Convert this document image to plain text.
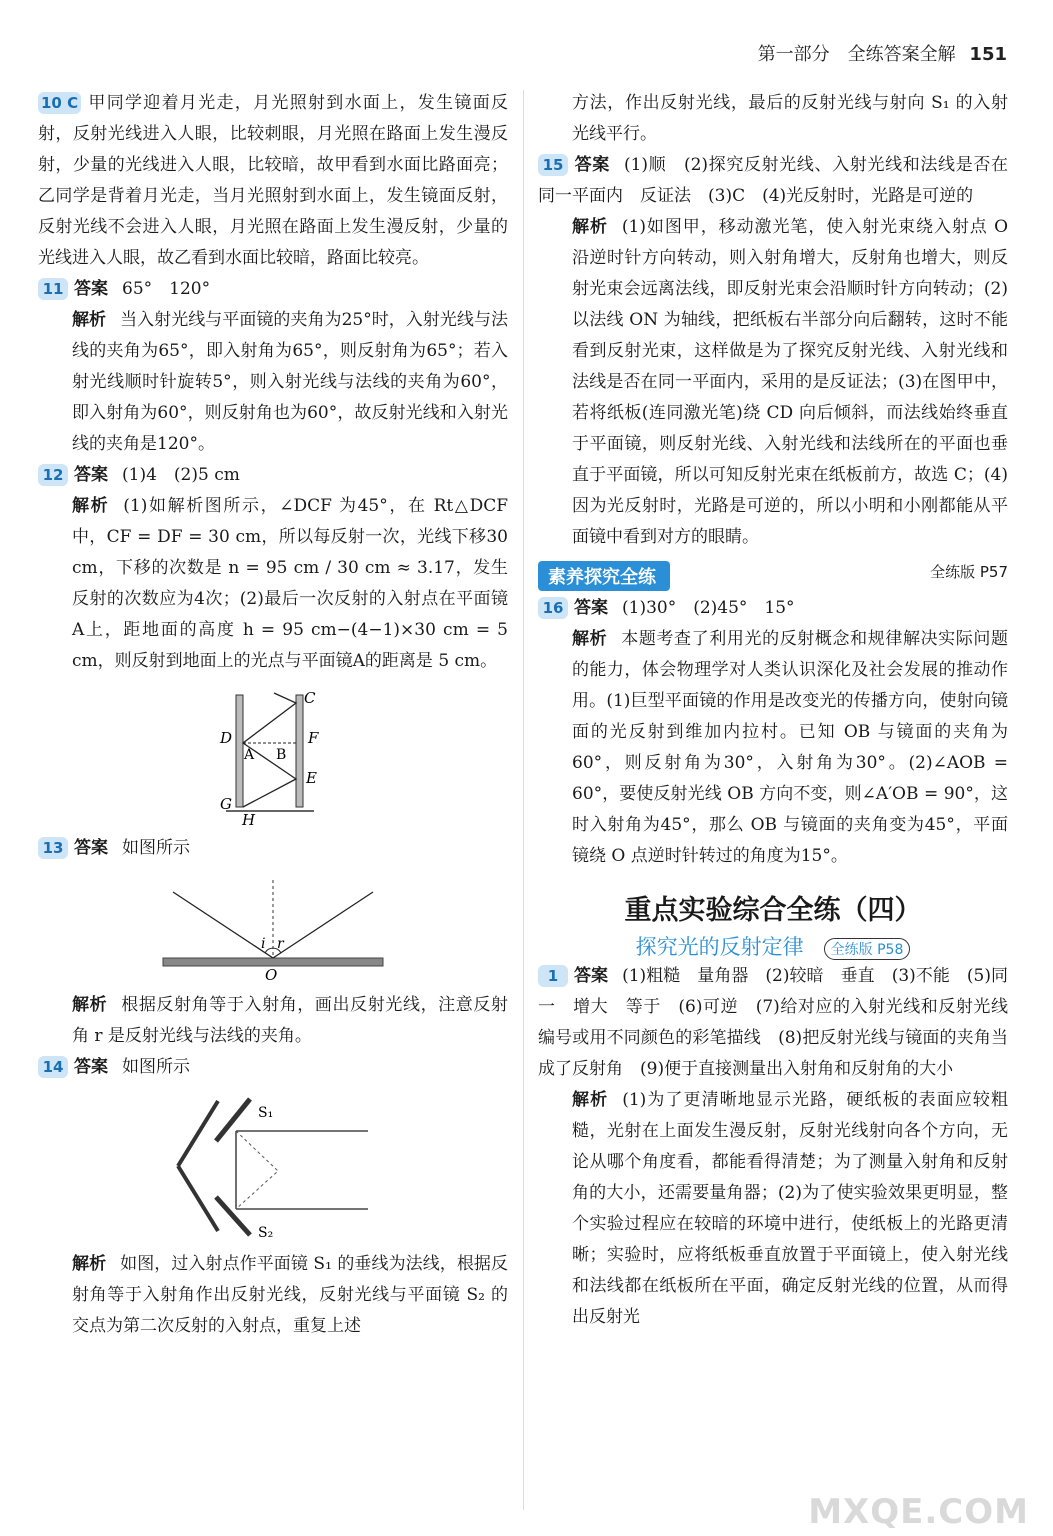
第一部分　全练答案全解 151

10 C 甲同学迎着月光走，月光照射到水面上，发生镜面反射，反射光线进入人眼，比较刺眼，月光照在路面上发生漫反射，少量的光线进入人眼，比较暗，故甲看到水面比路面亮；乙同学是背着月光走，当月光照射到水面上，发生镜面反射，反射光线不会进入人眼，月光照在路面上发生漫反射，少量的光线进入人眼，故乙看到水面比较暗，路面比较亮。

11 答案 65°　120°

解析 当入射光线与平面镜的夹角为25°时，入射光线与法线的夹角为65°，即入射角为65°，则反射角为65°；若入射光线顺时针旋转5°，则入射光线与法线的夹角为60°，即入射角为60°，则反射角也为60°，故反射光线和入射光线的夹角是120°。

12 答案 (1)4　(2)5 cm

解析 (1)如解析图所示，∠DCF 为45°，在 Rt△DCF 中，CF = DF = 30 cm，所以每反射一次，光线下移30 cm，下移的次数是 n = 95 cm / 30 cm ≈ 3.17，发生反射的次数应为4次；(2)最后一次反射的入射点在平面镜A上，距地面的高度 h = 95 cm−(4−1)×30 cm = 5 cm，则反射到地面上的光点与平面镜A的距离是 5 cm。

C
D	F
A B
E
G
H

13 答案 如图所示

i r
O

解析 根据反射角等于入射角，画出反射光线，注意反射角 r 是反射光线与法线的夹角。

14 答案 如图所示

S₁
S₂

解析 如图，过入射点作平面镜 S₁ 的垂线为法线，根据反射角等于入射角作出反射光线，反射光线与平面镜 S₂ 的交点为第二次反射的入射点，重复上述

方法，作出反射光线，最后的反射光线与射向 S₁ 的入射光线平行。

15 答案 (1)顺　(2)探究反射光线、入射光线和法线是否在同一平面内　反证法　(3)C　(4)光反射时，光路是可逆的

解析 (1)如图甲，移动激光笔，使入射光束绕入射点 O 沿逆时针方向转动，则入射角增大，反射角也增大，则反射光束会远离法线，即反射光束会沿顺时针方向转动；(2)以法线 ON 为轴线，把纸板右半部分向后翻转，这时不能看到反射光束，这样做是为了探究反射光线、入射光线和法线是否在同一平面内，采用的是反证法；(3)在图甲中，若将纸板(连同激光笔)绕 CD 向后倾斜，而法线始终垂直于平面镜，则反射光线、入射光线和法线所在的平面也垂直于平面镜，所以可知反射光束在纸板前方，故选 C；(4)因为光反射时，光路是可逆的，所以小明和小刚都能从平面镜中看到对方的眼睛。

素养探究全练	全练版 P57

16 答案 (1)30°　(2)45°　15°

解析 本题考查了利用光的反射概念和规律解决实际问题的能力，体会物理学对人类认识深化及社会发展的推动作用。(1)巨型平面镜的作用是改变光的传播方向，使射向镜面的光反射到维加内拉村。已知 OB 与镜面的夹角为60°，则反射角为30°，入射角为30°。(2)∠AOB = 60°，要使反射光线 OB 方向不变，则∠A′OB = 90°，这时入射角为45°，那么 OB 与镜面的夹角变为45°，平面镜绕 O 点逆时针转过的角度为15°。

重点实验综合全练（四）
探究光的反射定律 全练版 P58

1 答案 (1)粗糙　量角器　(2)较暗　垂直　(3)不能　(5)同一　增大　等于　(6)可逆　(7)给对应的入射光线和反射光线编号或用不同颜色的彩笔描线　(8)把反射光线与镜面的夹角当成了反射角　(9)便于直接测量出入射角和反射角的大小

解析 (1)为了更清晰地显示光路，硬纸板的表面应较粗糙，光射在上面发生漫反射，反射光线射向各个方向，无论从哪个角度看，都能看得清楚；为了测量入射角和反射角的大小，还需要量角器；(2)为了使实验效果更明显，整个实验过程应在较暗的环境中进行，使纸板上的光路更清晰；实验时，应将纸板垂直放置于平面镜上，使入射光线和法线都在纸板所在平面，确定反射光线的位置，从而得出反射光

MXQE.COM
